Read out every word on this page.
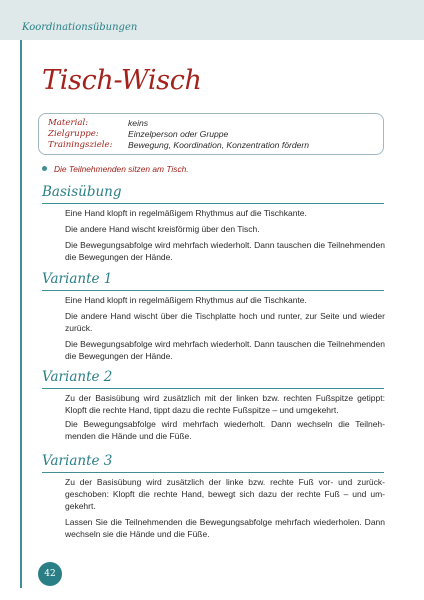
Koordinationsübungen
Tisch-Wisch
Material:	keins
Zielgruppe:	Einzelperson oder Gruppe
Trainingsziele:	Bewegung, Koordination, Konzentration fördern
Die Teilnehmenden sitzen am Tisch.
Basisübung

Eine Hand klopft in regelmäßigem Rhythmus auf die Tischkante.

Die andere Hand wischt kreisförmig über den Tisch.

Die Bewegungsabfolge wird mehrfach wiederholt. Dann tauschen die Teilnehmenden die Bewegungen der Hände.

Variante 1

Eine Hand klopft in regelmäßigem Rhythmus auf die Tischkante.

Die andere Hand wischt über die Tischplatte hoch und runter, zur Seite und wieder zurück.

Die Bewegungsabfolge wird mehrfach wiederholt. Dann tauschen die Teilnehmenden die Bewegungen der Hände.

Variante 2

Zu der Basisübung wird zusätzlich mit der linken bzw. rechten Fußspitze getippt: Klopft die rechte Hand, tippt dazu die rechte Fußspitze – und umgekehrt.

Die Bewegungsabfolge wird mehrfach wiederholt. Dann wechseln die Teilnehmenden die Hände und die Füße.

Variante 3

Zu der Basisübung wird zusätzlich der linke bzw. rechte Fuß vor- und zurückgeschoben: Klopft die rechte Hand, bewegt sich dazu der rechte Fuß – und umgekehrt.

Lassen Sie die Teilnehmenden die Bewegungsabfolge mehrfach wiederholen. Dann wechseln sie die Hände und die Füße.

42
